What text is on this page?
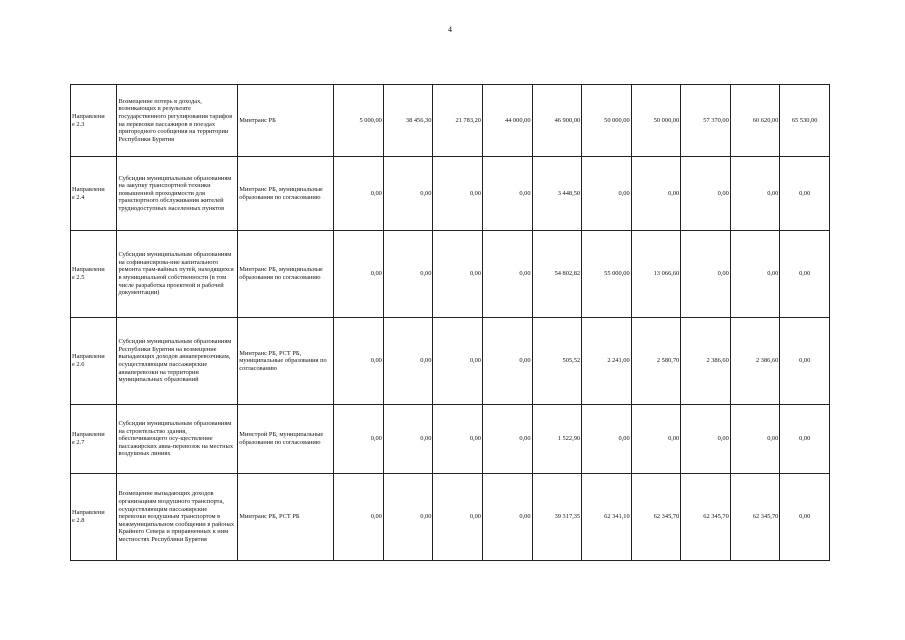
4
Направлени
е 2.3	Возмещение потерь в доходах, возникающих в результате государственного регулирования тарифов на перевозки пассажиров в поездах пригородного сообщения на территории Республики Бурятия	Минтранс РБ	5 000,00	38 456,30	21 783,20	44 000,00	46 900,00	50 000,00	50 000,00	57 370,00	60 620,00	65 530,00
Направлени
е 2.4	Субсидии муниципальным образованиям на закупку транспортной техники повышенной проходимости для транспортного обслуживания жителей труднодоступных населенных пунктов	Минтранс РБ, муниципальные образования по согласованию	0,00	0,00	0,00	0,00	3 448,50	0,00	0,00	0,00	0,00	0,00
Направлени
е 2.5	Субсидии муниципальным образованиям на софинансирова-ние капитального ремонта трам-вайных путей, находящихся в муниципальной собственности (в том числе разработка проектной и рабочей документации)	Минтранс РБ, муниципальные образования по согласованию	0,00	0,00	0,00	0,00	54 802,82	55 000,00	13 066,60	0,00	0,00	0,00
Направлени
е 2.6	Субсидии муниципальным образованиям Республики Бурятия на возмещение выпадающих доходов авиаперевозчикам, осуществляющим пассажирские авиаперевозки на территории муниципальных образований	Минтранс РБ, РСТ РБ, муниципальные образования по согласованию	0,00	0,00	0,00	0,00	505,52	2 241,00	2 580,70	2 386,60	2 386,60	0,00
Направлени
е 2.7	Субсидии муниципальным образованиям на строительство здания, обеспечивающего осу-ществление пассажирских авиа-перевозок на местных воздушных линиях	Минстрой РБ, муниципальные образования по согласованию	0,00	0,00	0,00	0,00	1 522,90	0,00	0,00	0,00	0,00	0,00
Направлени
е 2.8	Возмещение выпадающих доходов организациям воздушного транспорта, осуществляющим пассажирские перевозки воздушным транспортом в межмуниципальном сообщении в районах Крайнего Севера и приравненных к ним местностях Республики Бурятия	Минтранс РБ, РСТ РБ	0,00	0,00	0,00	0,00	39 317,35	62 341,10	62 345,70	62 345,70	62 345,70	0,00
